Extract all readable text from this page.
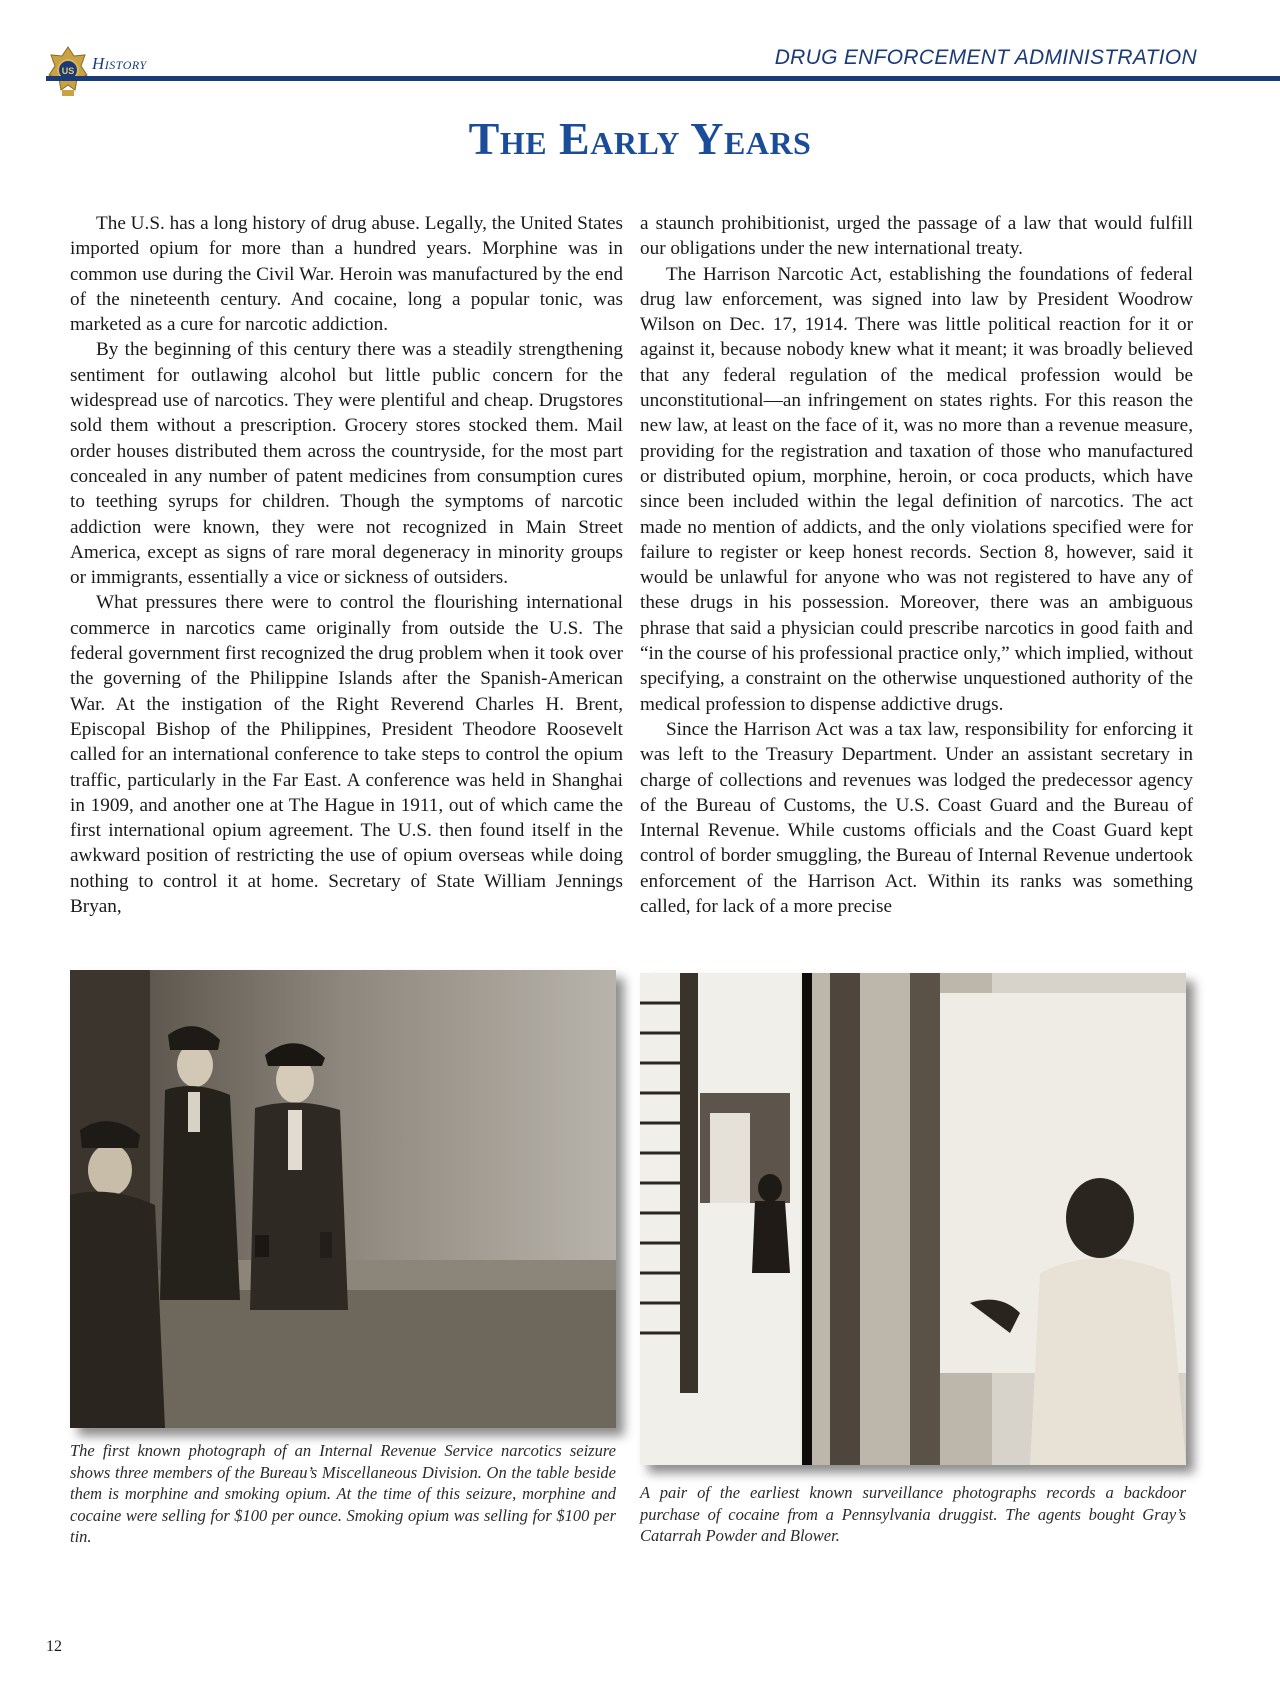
US History	DRUG ENFORCEMENT ADMINISTRATION
The Early Years

The U.S. has a long history of drug abuse. Legally, the United States imported opium for more than a hundred years. Morphine was in common use during the Civil War. Heroin was manufactured by the end of the nineteenth century. And cocaine, long a popular tonic, was marketed as a cure for narcotic addiction.

By the beginning of this century there was a steadily strengthening sentiment for outlawing alcohol but little public concern for the widespread use of narcotics. They were plentiful and cheap. Drugstores sold them without a prescription. Grocery stores stocked them. Mail order houses distributed them across the countryside, for the most part concealed in any number of patent medicines from consumption cures to teething syrups for children. Though the symptoms of narcotic addiction were known, they were not recognized in Main Street America, except as signs of rare moral degeneracy in minority groups or immigrants, essentially a vice or sickness of outsiders.

What pressures there were to control the flourishing international commerce in narcotics came originally from outside the U.S. The federal government first recognized the drug problem when it took over the governing of the Philippine Islands after the Spanish-American War. At the instigation of the Right Reverend Charles H. Brent, Episcopal Bishop of the Philippines, President Theodore Roosevelt called for an international conference to take steps to control the opium traffic, particularly in the Far East. A conference was held in Shanghai in 1909, and another one at The Hague in 1911, out of which came the first international opium agreement. The U.S. then found itself in the awkward position of restricting the use of opium overseas while doing nothing to control it at home. Secretary of State William Jennings Bryan,

a staunch prohibitionist, urged the passage of a law that would fulfill our obligations under the new international treaty.

The Harrison Narcotic Act, establishing the foundations of federal drug law enforcement, was signed into law by President Woodrow Wilson on Dec. 17, 1914. There was little political reaction for it or against it, because nobody knew what it meant; it was broadly believed that any federal regulation of the medical profession would be unconstitutional—an infringement on states rights. For this reason the new law, at least on the face of it, was no more than a revenue measure, providing for the registration and taxation of those who manufactured or distributed opium, morphine, heroin, or coca products, which have since been included within the legal definition of narcotics. The act made no mention of addicts, and the only violations specified were for failure to register or keep honest records. Section 8, however, said it would be unlawful for anyone who was not registered to have any of these drugs in his possession. Moreover, there was an ambiguous phrase that said a physician could prescribe narcotics in good faith and “in the course of his professional practice only,” which implied, without specifying, a constraint on the otherwise unquestioned authority of the medical profession to dispense addictive drugs.

Since the Harrison Act was a tax law, responsibility for enforcing it was left to the Treasury Department. Under an assistant secretary in charge of collections and revenues was lodged the predecessor agency of the Bureau of Customs, the U.S. Coast Guard and the Bureau of Internal Revenue. While customs officials and the Coast Guard kept control of border smuggling, the Bureau of Internal Revenue undertook enforcement of the Harrison Act. Within its ranks was something called, for lack of a more precise

The first known photograph of an Internal Revenue Service narcotics seizure shows three members of the Bureau’s Miscellaneous Division. On the table beside them is morphine and smoking opium. At the time of this seizure, morphine and cocaine were selling for $100 per ounce. Smoking opium was selling for $100 per tin.
A pair of the earliest known surveillance photographs records a backdoor purchase of cocaine from a Pennsylvania druggist. The agents bought Gray’s Catarrah Powder and Blower.
12
